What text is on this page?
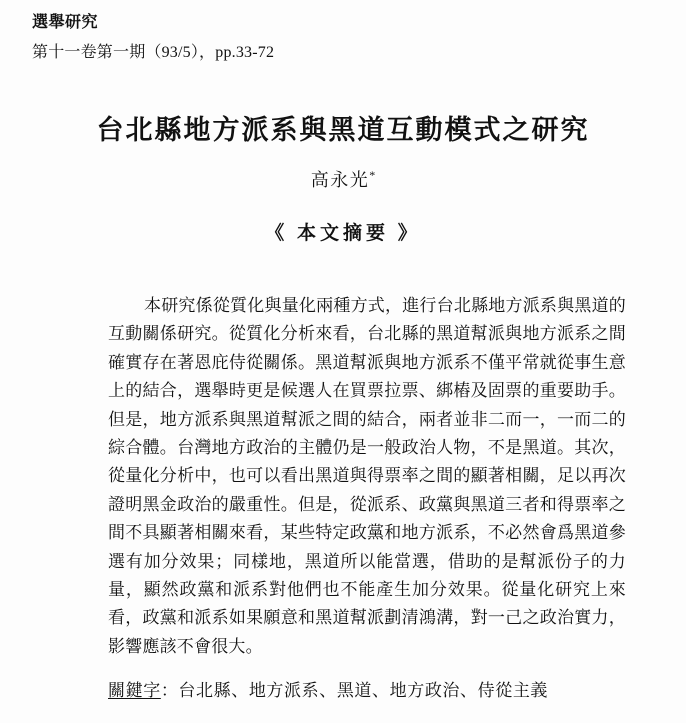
選舉研究
第十一卷第一期（93/5），pp.33-72
台北縣地方派系與黑道互動模式之研究
高永光*
《 本文摘要 》

本研究係從質化與量化兩種方式，進行台北縣地方派系與黑道的互動關係研究。從質化分析來看，台北縣的黑道幫派與地方派系之間確實存在著恩庇侍從關係。黑道幫派與地方派系不僅平常就從事生意上的結合，選舉時更是候選人在買票拉票、綁樁及固票的重要助手。但是，地方派系與黑道幫派之間的結合，兩者並非二而一，一而二的綜合體。台灣地方政治的主體仍是一般政治人物，不是黑道。其次，從量化分析中，也可以看出黑道與得票率之間的顯著相關，足以再次證明黑金政治的嚴重性。但是，從派系、政黨與黑道三者和得票率之間不具顯著相關來看，某些特定政黨和地方派系，不必然會爲黑道參選有加分效果；同樣地，黑道所以能當選，借助的是幫派份子的力量，顯然政黨和派系對他們也不能產生加分效果。從量化研究上來看，政黨和派系如果願意和黑道幫派劃清鴻溝，對一己之政治實力，影響應該不會很大。

關鍵字：台北縣、地方派系、黑道、地方政治、侍從主義
